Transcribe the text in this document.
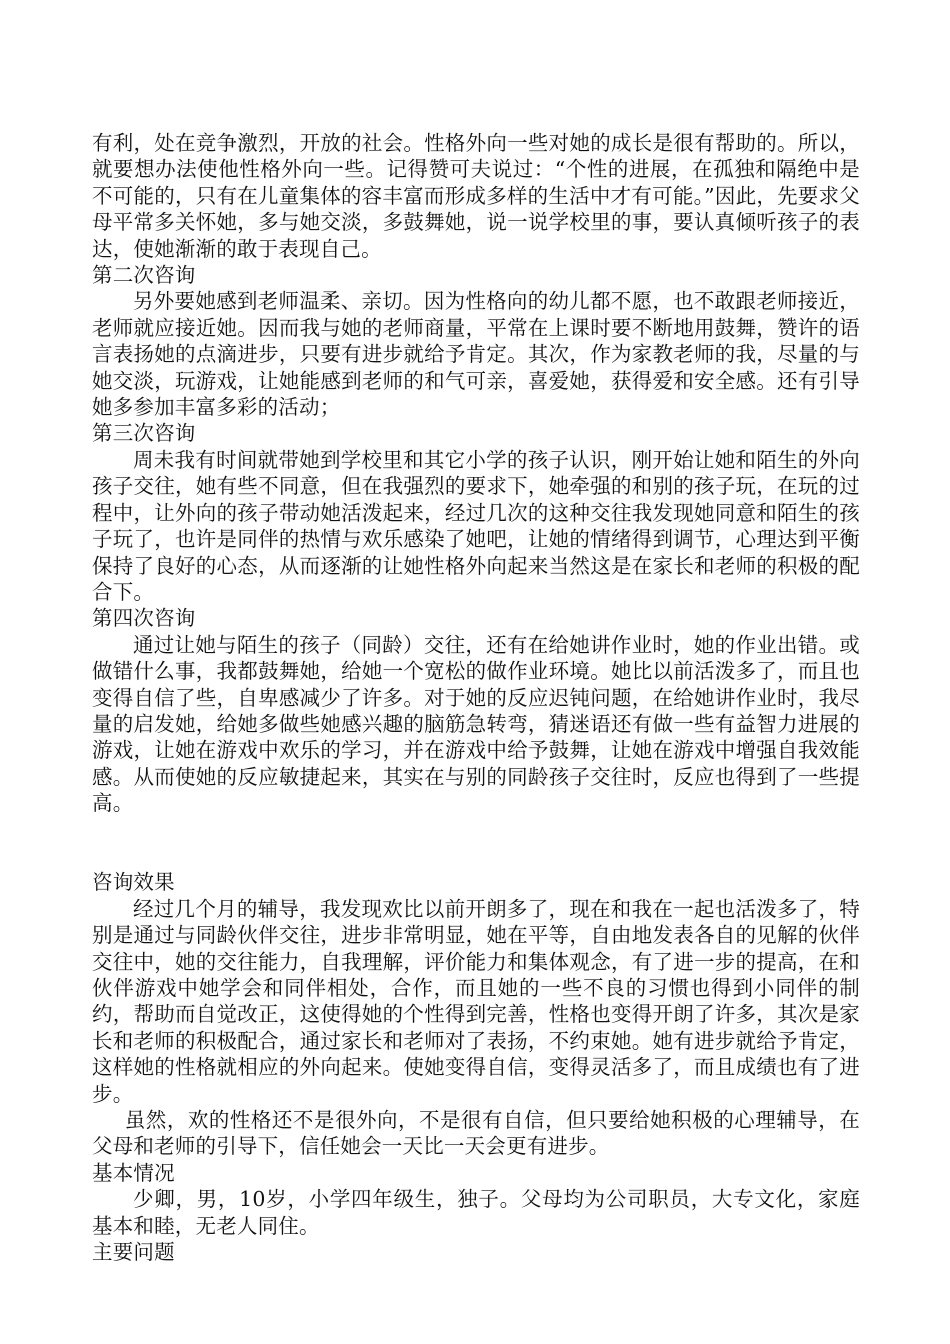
有利，处在竞争激烈，开放的社会。性格外向一些对她的成长是很有帮助的。所以，就要想办法使他性格外向一些。记得赞可夫说过：“个性的进展，在孤独和隔绝中是不可能的，只有在儿童集体的容丰富而形成多样的生活中才有可能。”因此，先要求父母平常多关怀她，多与她交淡，多鼓舞她，说一说学校里的事，要认真倾听孩子的表达，使她渐渐的敢于表现自己。

第二次咨询

另外要她感到老师温柔、亲切。因为性格向的幼儿都不愿，也不敢跟老师接近，老师就应接近她。因而我与她的老师商量，平常在上课时要不断地用鼓舞，赞许的语言表扬她的点滴进步，只要有进步就给予肯定。其次，作为家教老师的我，尽量的与她交淡，玩游戏，让她能感到老师的和气可亲，喜爱她，获得爱和安全感。还有引导她多参加丰富多彩的活动；

第三次咨询

周未我有时间就带她到学校里和其它小学的孩子认识，刚开始让她和陌生的外向孩子交往，她有些不同意，但在我强烈的要求下，她牵强的和别的孩子玩，在玩的过程中，让外向的孩子带动她活泼起来，经过几次的这种交往我发现她同意和陌生的孩子玩了，也许是同伴的热情与欢乐感染了她吧，让她的情绪得到调节，心理达到平衡保持了良好的心态，从而逐渐的让她性格外向起来当然这是在家长和老师的积极的配合下。

第四次咨询

通过让她与陌生的孩子（同龄）交往，还有在给她讲作业时，她的作业出错。或做错什么事，我都鼓舞她，给她一个宽松的做作业环境。她比以前活泼多了，而且也变得自信了些，自卑感减少了许多。对于她的反应迟钝问题，在给她讲作业时，我尽量的启发她，给她多做些她感兴趣的脑筋急转弯，猜迷语还有做一些有益智力进展的游戏，让她在游戏中欢乐的学习，并在游戏中给予鼓舞，让她在游戏中增强自我效能感。从而使她的反应敏捷起来，其实在与别的同龄孩子交往时，反应也得到了一些提高。

咨询效果

经过几个月的辅导，我发现欢比以前开朗多了，现在和我在一起也活泼多了，特别是通过与同龄伙伴交往，进步非常明显，她在平等，自由地发表各自的见解的伙伴交往中，她的交往能力，自我理解，评价能力和集体观念，有了进一步的提高，在和伙伴游戏中她学会和同伴相处，合作，而且她的一些不良的习惯也得到小同伴的制约，帮助而自觉改正，这使得她的个性得到完善，性格也变得开朗了许多，其次是家长和老师的积极配合，通过家长和老师对了表扬，不约束她。她有进步就给予肯定，这样她的性格就相应的外向起来。使她变得自信，变得灵活多了，而且成绩也有了进步。

虽然，欢的性格还不是很外向，不是很有自信，但只要给她积极的心理辅导，在父母和老师的引导下，信任她会一天比一天会更有进步。

基本情况

少卿，男，10岁，小学四年级生，独子。父母均为公司职员，大专文化，家庭基本和睦，无老人同住。

主要问题
